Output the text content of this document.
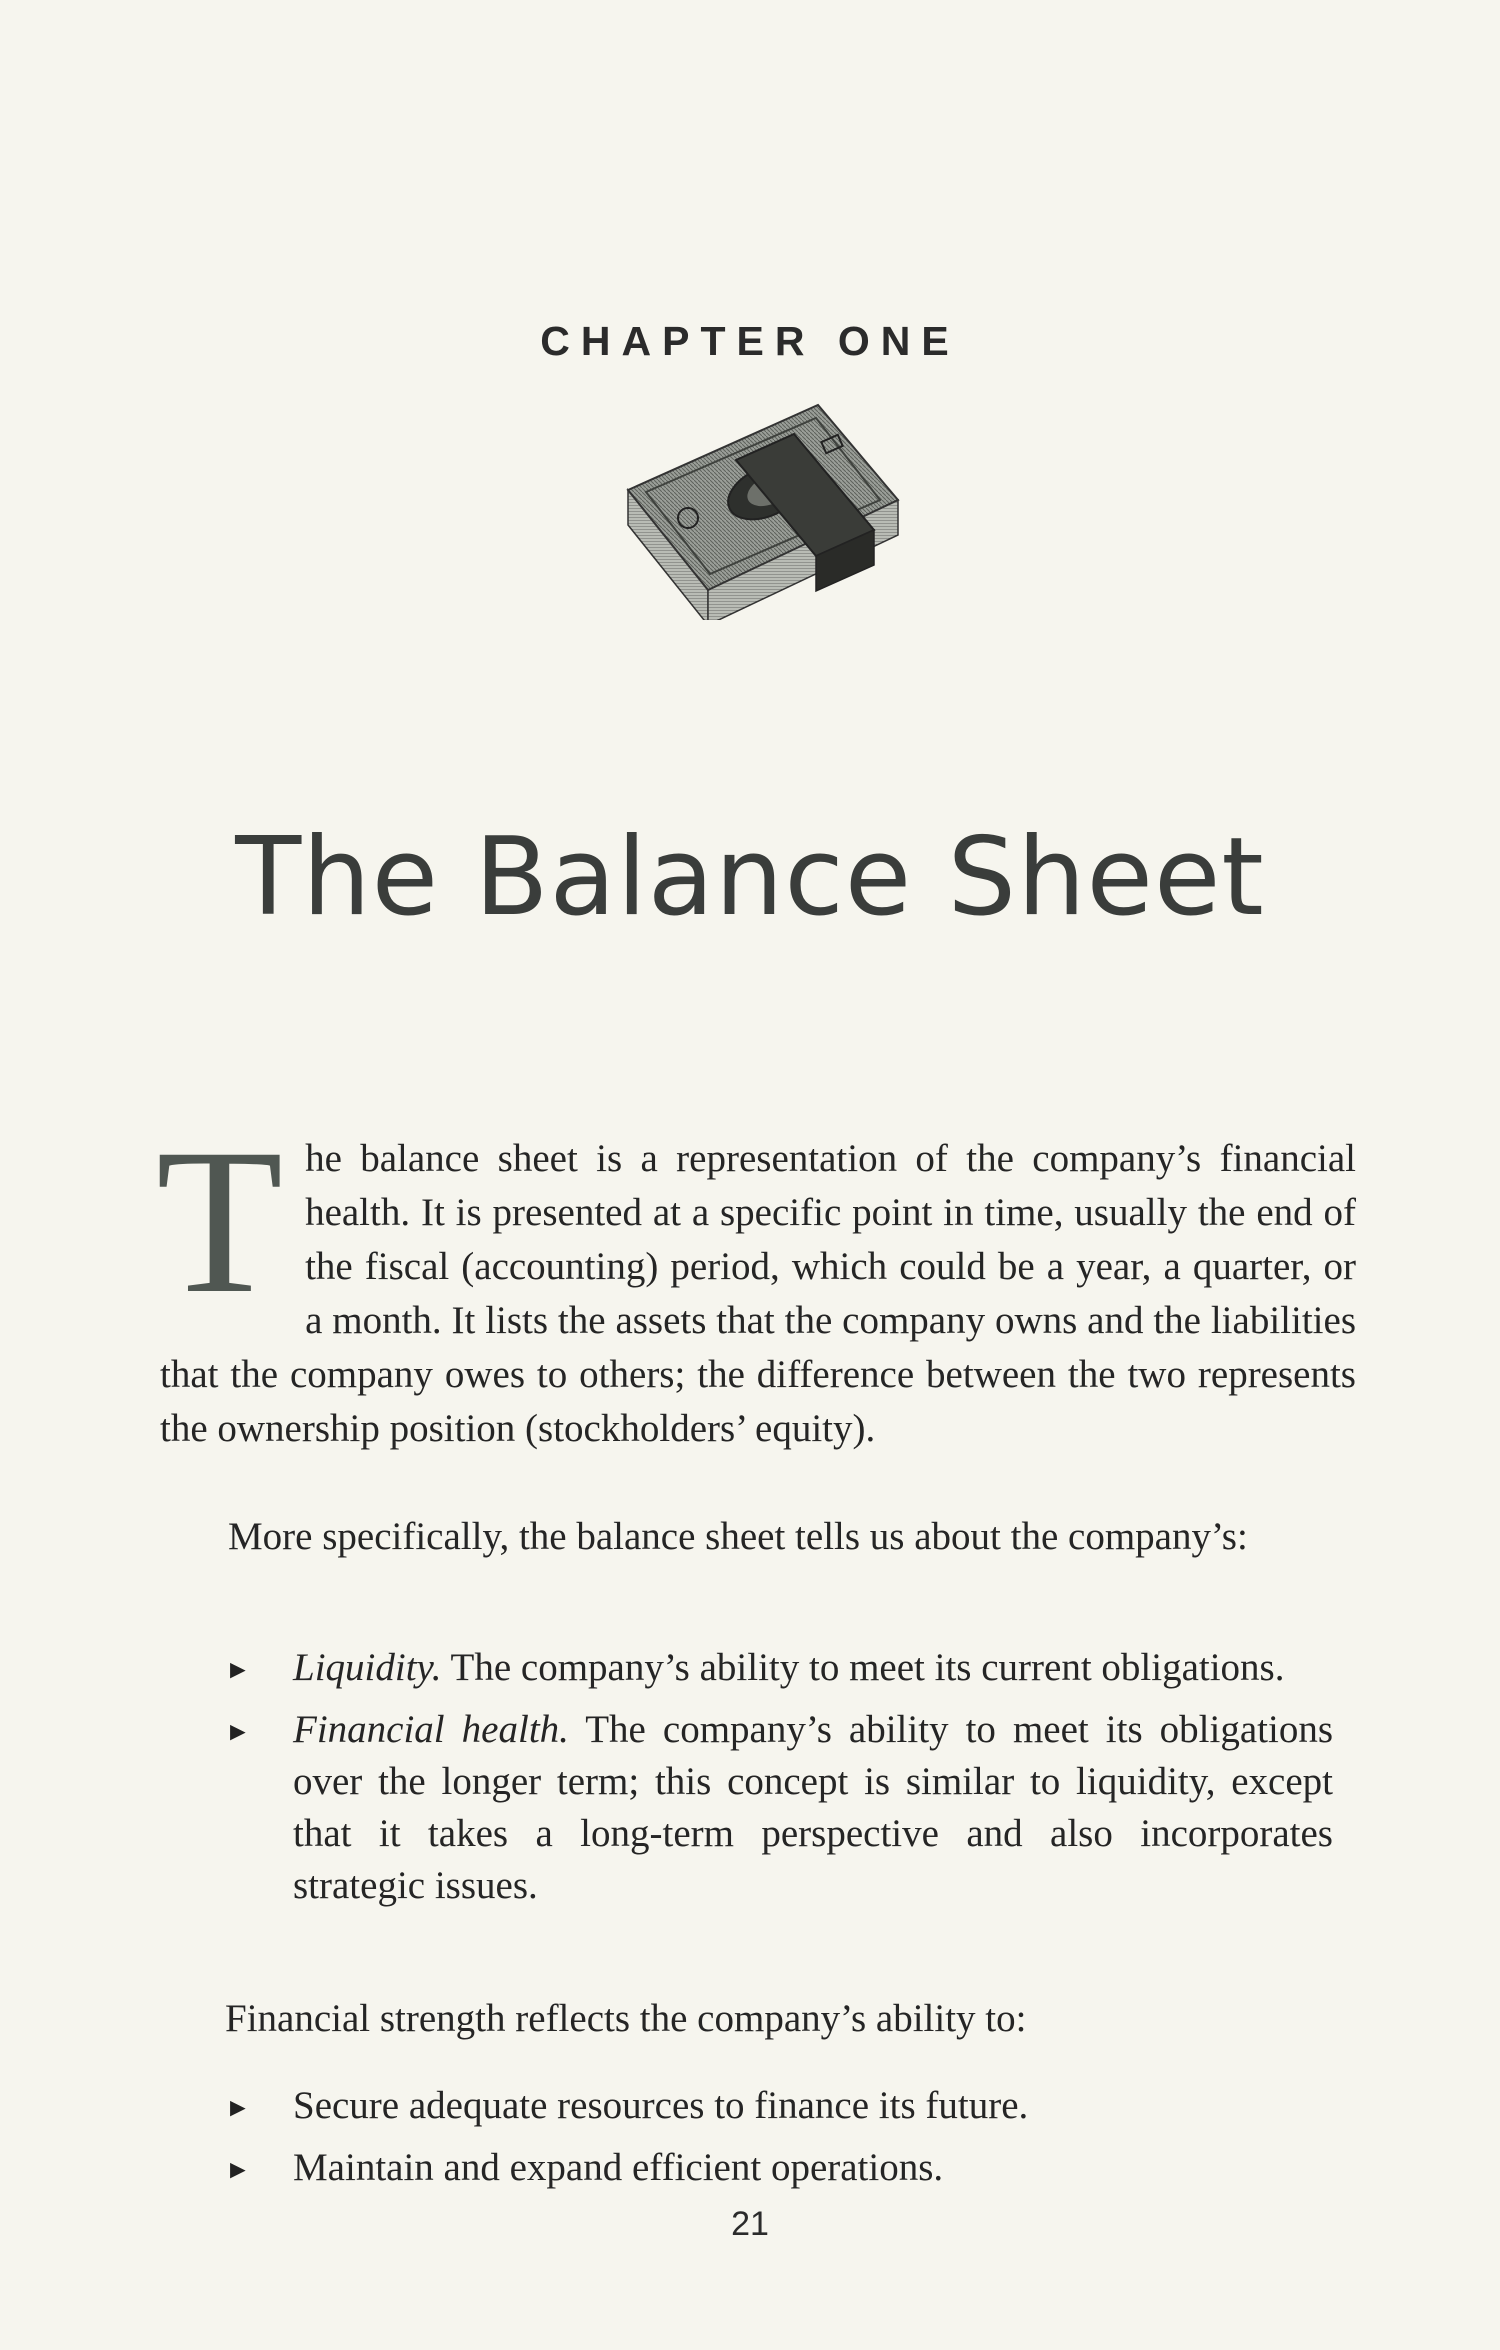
CHAPTER ONE
The Balance Sheet
The balance sheet is a representation of the company’s financial health. It is presented at a specific point in time, usually the end of the fiscal (accounting) period, which could be a year, a quarter, or a month. It lists the assets that the company owns and the liabilities that the company owes to others; the difference between the two represents the ownership position (stockholders’ equity).
More specifically, the balance sheet tells us about the company’s:
► Liquidity. The company’s ability to meet its current obligations.
► Financial health. The company’s ability to meet its obligations over the longer term; this concept is similar to liquidity, except that it takes a long-term perspective and also incorporates strategic issues.
Financial strength reflects the company’s ability to:
► Secure adequate resources to finance its future.
► Maintain and expand efficient operations.
21
